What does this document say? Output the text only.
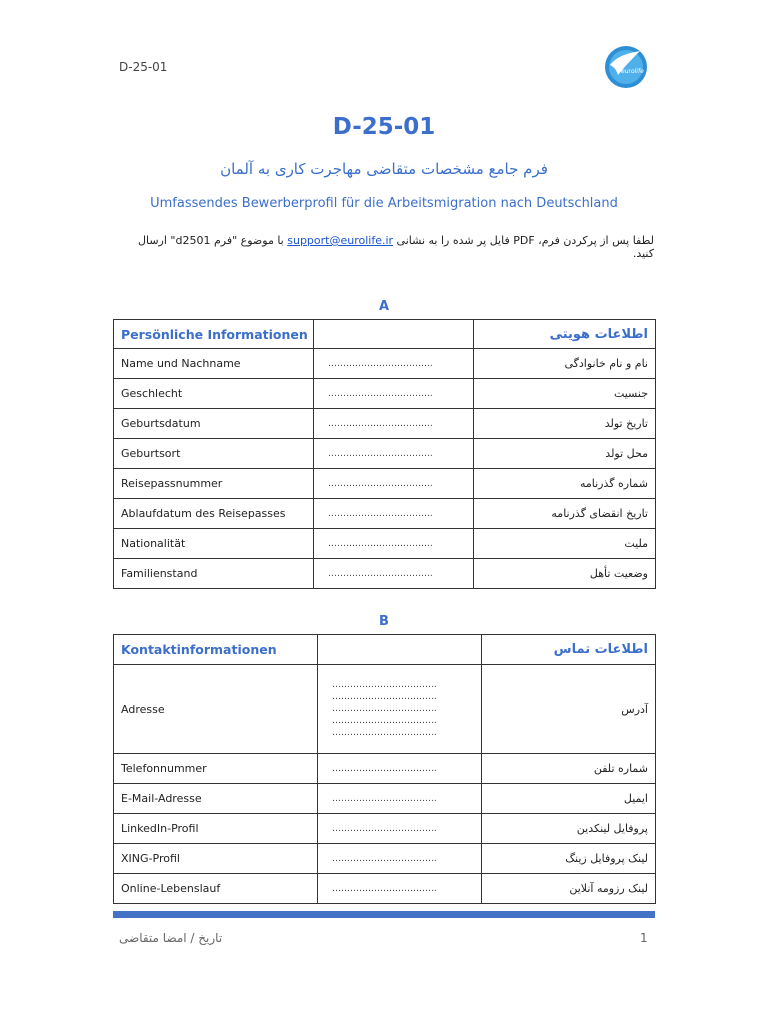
D-25-01	eurolife
D-25-01
فرم جامع مشخصات متقاضی مهاجرت کاری به آلمان
Umfassendes Bewerberprofil für die Arbeitsmigration nach Deutschland
لطفا پس از پرکردن فرم، PDF فایل پر شده را به نشانی support@eurolife.ir با موضوع "فرم d2501" ارسال کنید.
A
Persönliche Informationen		اطلاعات هویتی
Name und Nachname	……………………………..	نام و نام خانوادگی
Geschlecht	……………………………..	جنسیت
Geburtsdatum	……………………………..	تاریخ تولد
Geburtsort	……………………………..	محل تولد
Reisepassnummer	……………………………..	شماره گذرنامه
Ablaufdatum des Reisepasses	……………………………..	تاریخ انقضای گذرنامه
Nationalität	……………………………..	ملیت
Familienstand	……………………………..	وضعیت تأهل
B
Kontaktinformationen		اطلاعات تماس
Adresse	……………………………..
……………………………..
……………………………..
……………………………..
……………………………..	آدرس
Telefonnummer	……………………………..	شماره تلفن
E-Mail-Adresse	……………………………..	ایمیل
LinkedIn-Profil	……………………………..	پروفایل لینکدین
XING-Profil	……………………………..	لینک پروفایل زینگ
Online-Lebenslauf	……………………………..	لینک رزومه آنلاین
تاریخ / امضا متقاضی	1
